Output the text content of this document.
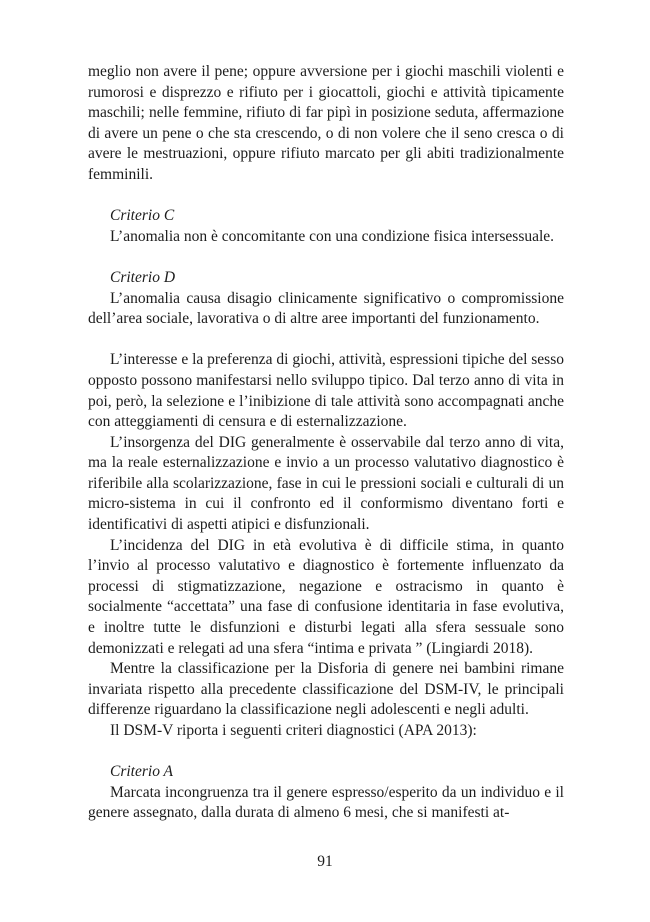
meglio non avere il pene; oppure avversione per i giochi maschili violenti e rumorosi e disprezzo e rifiuto per i giocattoli, giochi e attività tipicamente maschili; nelle femmine, rifiuto di far pipì in posizione seduta, affermazione di avere un pene o che sta crescendo, o di non volere che il seno cresca o di avere le mestruazioni, oppure rifiuto marcato per gli abiti tradizionalmente femminili.

Criterio C

L’anomalia non è concomitante con una condizione fisica intersessuale.

Criterio D

L’anomalia causa disagio clinicamente significativo o compromissione dell’area sociale, lavorativa o di altre aree importanti del funzionamento.

L’interesse e la preferenza di giochi, attività, espressioni tipiche del sesso opposto possono manifestarsi nello sviluppo tipico. Dal terzo anno di vita in poi, però, la selezione e l’inibizione di tale attività sono accompagnati anche con atteggiamenti di censura e di esternalizzazione.

L’insorgenza del DIG generalmente è osservabile dal terzo anno di vita, ma la reale esternalizzazione e invio a un processo valutativo diagnostico è riferibile alla scolarizzazione, fase in cui le pressioni sociali e culturali di un micro-sistema in cui il confronto ed il conformismo diventano forti e identificativi di aspetti atipici e disfunzionali.

L’incidenza del DIG in età evolutiva è di difficile stima, in quanto l’invio al processo valutativo e diagnostico è fortemente influenzato da processi di stigmatizzazione, negazione e ostracismo in quanto è socialmente “accettata” una fase di confusione identitaria in fase evolutiva, e inoltre tutte le disfunzioni e disturbi legati alla sfera sessuale sono demonizzati e relegati ad una sfera “intima e privata ” (Lingiardi 2018).

Mentre la classificazione per la Disforia di genere nei bambini rimane invariata rispetto alla precedente classificazione del DSM-IV, le principali differenze riguardano la classificazione negli adolescenti e negli adulti.

Il DSM-V riporta i seguenti criteri diagnostici (APA 2013):

Criterio A

Marcata incongruenza tra il genere espresso/esperito da un individuo e il genere assegnato, dalla durata di almeno 6 mesi, che si manifesti at-

91
